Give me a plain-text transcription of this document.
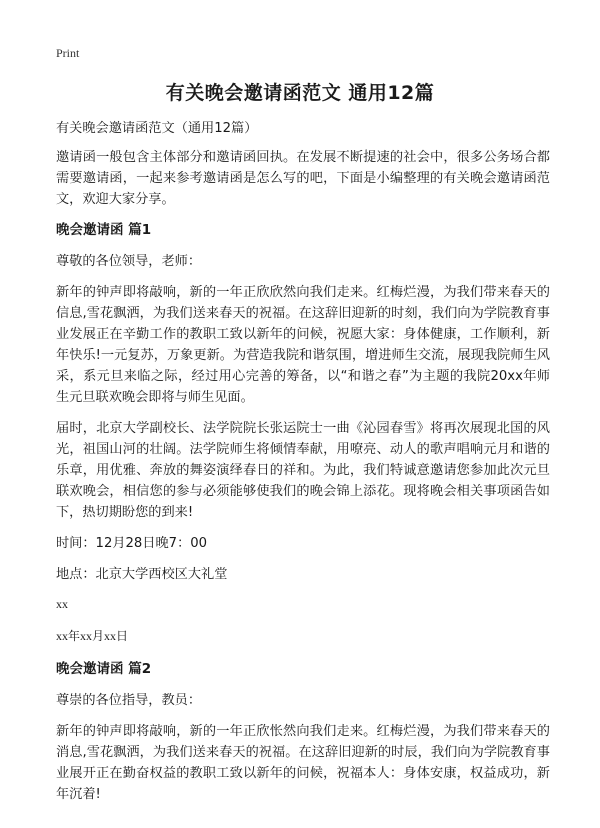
Print
有关晚会邀请函范文 通用12篇

有关晚会邀请函范文（通用12篇）

邀请函一般包含主体部分和邀请函回执。在发展不断提速的社会中，很多公务场合都需要邀请函，一起来参考邀请函是怎么写的吧，下面是小编整理的有关晚会邀请函范文，欢迎大家分享。

晚会邀请函 篇1

尊敬的各位领导，老师：

新年的钟声即将敲响，新的一年正欣欣然向我们走来。红梅烂漫，为我们带来春天的信息,雪花飘洒，为我们送来春天的祝福。在这辞旧迎新的时刻，我们向为学院教育事业发展正在辛勤工作的教职工致以新年的问候，祝愿大家：身体健康，工作顺利，新年快乐!一元复苏，万象更新。为营造我院和谐氛围，增进师生交流，展现我院师生风采，系元旦来临之际，经过用心完善的筹备，以“和谐之春”为主题的我院20xx年师生元旦联欢晚会即将与师生见面。

届时，北京大学副校长、法学院院长张运院士一曲《沁园春雪》将再次展现北国的风光，祖国山河的壮阔。法学院师生将倾情奉献，用嘹亮、动人的歌声唱响元月和谐的乐章，用优雅、奔放的舞姿演绎春日的祥和。为此，我们特诚意邀请您参加此次元旦联欢晚会，相信您的参与必须能够使我们的晚会锦上添花。现将晚会相关事项函告如下，热切期盼您的到来!

时间：12月28日晚7：00

地点：北京大学西校区大礼堂

xx

xx年xx月xx日

晚会邀请函 篇2

尊崇的各位指导，教员：

新年的钟声即将敲响，新的一年正欣怅然向我们走来。红梅烂漫，为我们带来春天的消息,雪花飘洒，为我们送来春天的祝福。在这辞旧迎新的时辰，我们向为学院教育事业展开正在勤奋权益的教职工致以新年的问候，祝福本人：身体安康，权益成功，新年沉着!
